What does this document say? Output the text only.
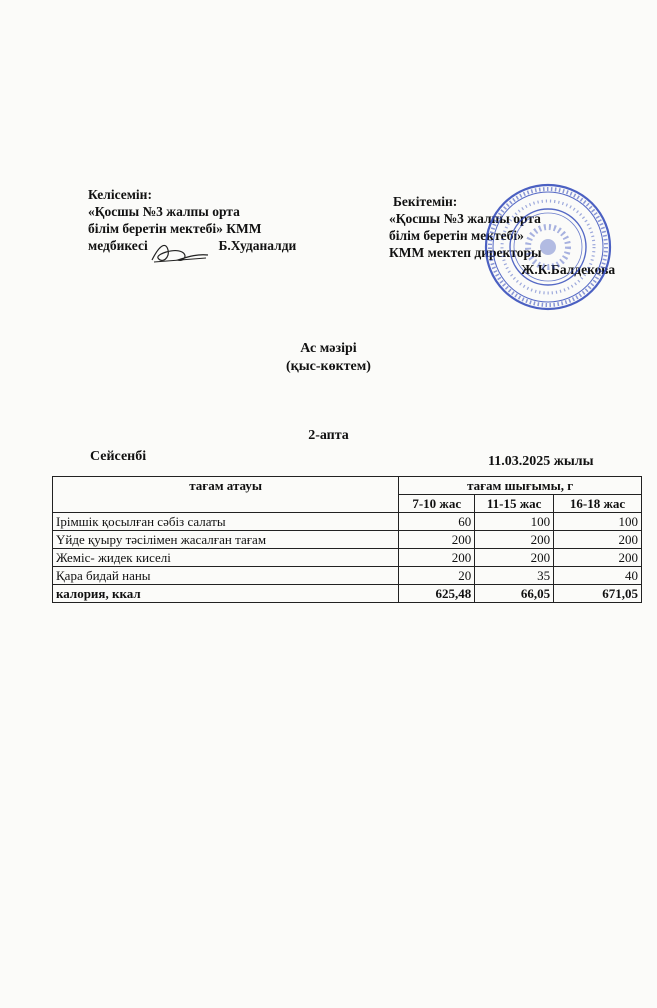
Келісемін:
«Қосшы №3 жалпы орта
білім беретін мектебі» КММ
медбикесі	Б.Худаналди
Бекітемін:
«Қосшы №3 жалпы орта
білім беретін мектебі»
КММ мектеп директоры
Ж.К.Балдекова
Ас мәзірі
(қыс-көктем)
2-апта
Сейсенбі	11.03.2025 жылы
тағам атауы	тағам шығымы, г		
	7-10 жас	11-15 жас	16-18 жас
Ірімшік қосылған сәбіз салаты	60	100	100
Үйде қуыру тәсілімен жасалған тағам	200	200	200
Жеміс- жидек киселі	200	200	200
Қара бидай наны	20	35	40
калория, ккал	625,48	66,05	671,05
